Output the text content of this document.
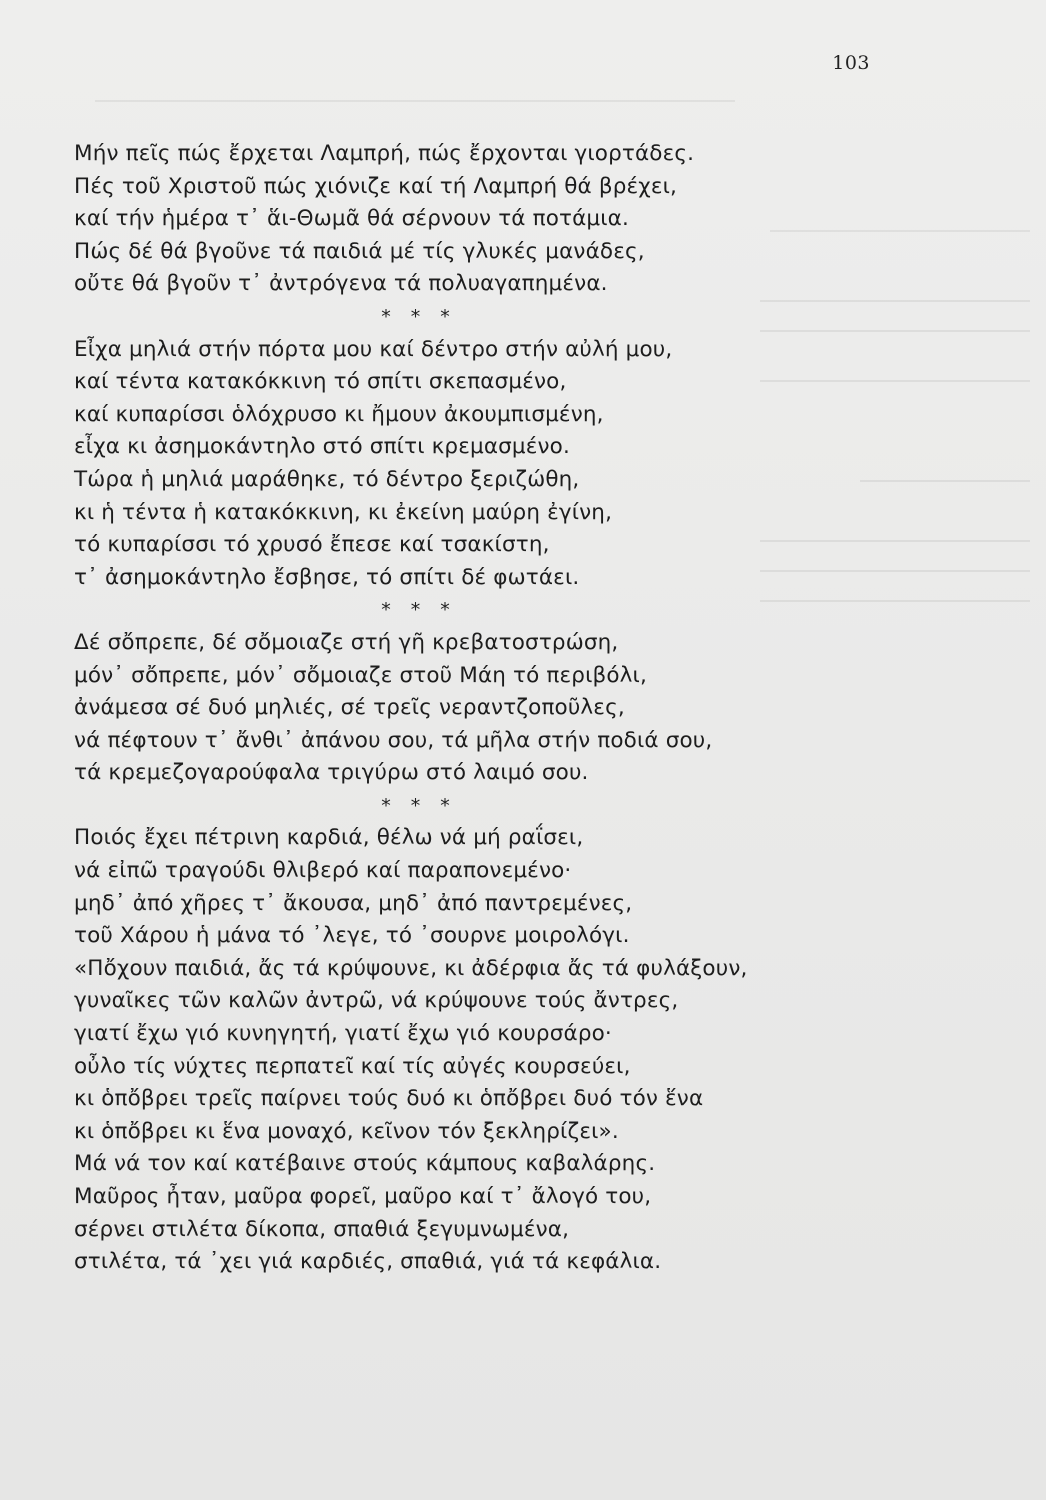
103
Μήν πεῖς πώς ἔρχεται Λαμπρή, πώς ἔρχονται γιορτάδες.
Πές τοῦ Χριστοῦ πώς χιόνιζε καί τή Λαμπρή θά βρέχει,
καί τήν ἡμέρα τ᾿ ἅι-Θωμᾶ θά σέρνουν τά ποτάμια.
Πώς δέ θά βγοῦνε τά παιδιά μέ τίς γλυκές μανάδες,
οὔτε θά βγοῦν τ᾿ ἀντρόγενα τά πολυαγαπημένα.
* * *
Εἶχα μηλιά στήν πόρτα μου καί δέντρο στήν αὐλή μου,
καί τέντα κατακόκκινη τό σπίτι σκεπασμένο,
καί κυπαρίσσι ὁλόχρυσο κι ἤμουν ἀκουμπισμένη,
εἶχα κι ἀσημοκάντηλο στό σπίτι κρεμασμένο.
Τώρα ἡ μηλιά μαράθηκε, τό δέντρο ξεριζώθη,
κι ἡ τέντα ἡ κατακόκκινη, κι ἐκείνη μαύρη ἐγίνη,
τό κυπαρίσσι τό χρυσό ἔπεσε καί τσακίστη,
τ᾿ ἀσημοκάντηλο ἔσβησε, τό σπίτι δέ φωτάει.
* * *
Δέ σὄπρεπε, δέ σὄμοιαζε στή γῆ κρεβατοστρώση,
μόν᾿ σὄπρεπε, μόν᾿ σὄμοιαζε στοῦ Μάη τό περιβόλι,
ἀνάμεσα σέ δυό μηλιές, σέ τρεῖς νεραντζοποῦλες,
νά πέφτουν τ᾿ ἄνθι᾿ ἀπάνου σου, τά μῆλα στήν ποδιά σου,
τά κρεμεζογαρούφαλα τριγύρω στό λαιμό σου.
* * *
Ποιός ἔχει πέτρινη καρδιά, θέλω νά μή ραΐσει,
νά εἰπῶ τραγούδι θλιβερό καί παραπονεμένο·
μηδ᾿ ἀπό χῆρες τ᾿ ἄκουσα, μηδ᾿ ἀπό παντρεμένες,
τοῦ Χάρου ἡ μάνα τό ᾿λεγε, τό ᾿σουρνε μοιρολόγι.
«Πὄχουν παιδιά, ἄς τά κρύψουνε, κι ἀδέρφια ἄς τά φυλάξουν,
γυναῖκες τῶν καλῶν ἀντρῶ, νά κρύψουνε τούς ἄντρες,
γιατί ἔχω γιό κυνηγητή, γιατί ἔχω γιό κουρσάρο·
οὖλο τίς νύχτες περπατεῖ καί τίς αὐγές κουρσεύει,
κι ὁπὄβρει τρεῖς παίρνει τούς δυό κι ὁπὄβρει δυό τόν ἕνα
κι ὁπὄβρει κι ἕνα μοναχό, κεῖνον τόν ξεκληρίζει».
Μά νά τον καί κατέβαινε στούς κάμπους καβαλάρης.
Μαῦρος ἦταν, μαῦρα φορεῖ, μαῦρο καί τ᾿ ἄλογό του,
σέρνει στιλέτα δίκοπα, σπαθιά ξεγυμνωμένα,
στιλέτα, τά ᾿χει γιά καρδιές, σπαθιά, γιά τά κεφάλια.
